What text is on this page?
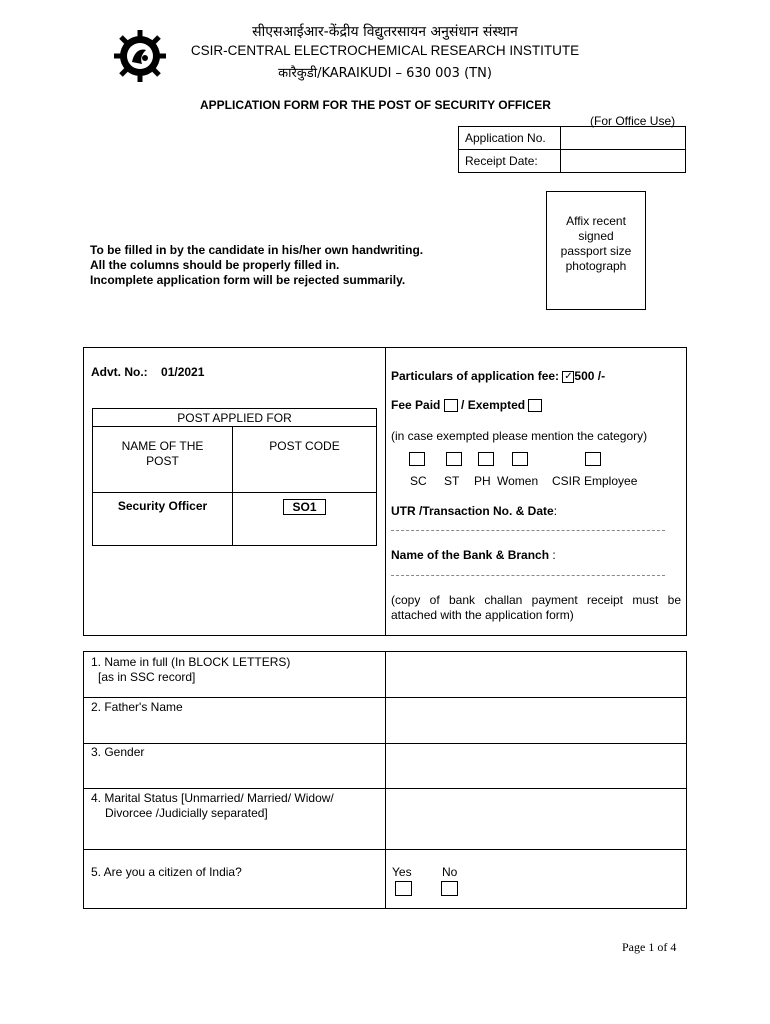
सीएसआईआर-केंद्रीय विद्युतरसायन अनुसंधान संस्थान
CSIR-CENTRAL ELECTROCHEMICAL RESEARCH INSTITUTE
कारैकुडी/KARAIKUDI – 630 003 (TN)
APPLICATION FORM FOR THE POST OF SECURITY OFFICER
(For Office Use)
Application No.	
Receipt Date:	
Affix recent
signed
passport size
photograph
To be filled in by the candidate in his/her own handwriting.
All the columns should be properly filled in.
Incomplete application form will be rejected summarily.
Advt. No.: 01/2021
POST APPLIED FOR	

NAME OF THE
POST	POST CODE
Security Officer	SO1
Particulars of application fee: ✓ 500 /-
Fee Paid / Exempted
(in case exempted please mention the category)
SC ST PH Women CSIR Employee
UTR /Transaction No. & Date:
Name of the Bank & Branch :
(copy of bank challan payment receipt must be attached with the application form)
1. Name in full (In BLOCK LETTERS)
[as in SSC record]
2. Father's Name
3. Gender
4. Marital Status [Unmarried/ Married/ Widow/
Divorcee /Judicially separated]
5. Are you a citizen of India?	Yes	No
Page 1 of 4
